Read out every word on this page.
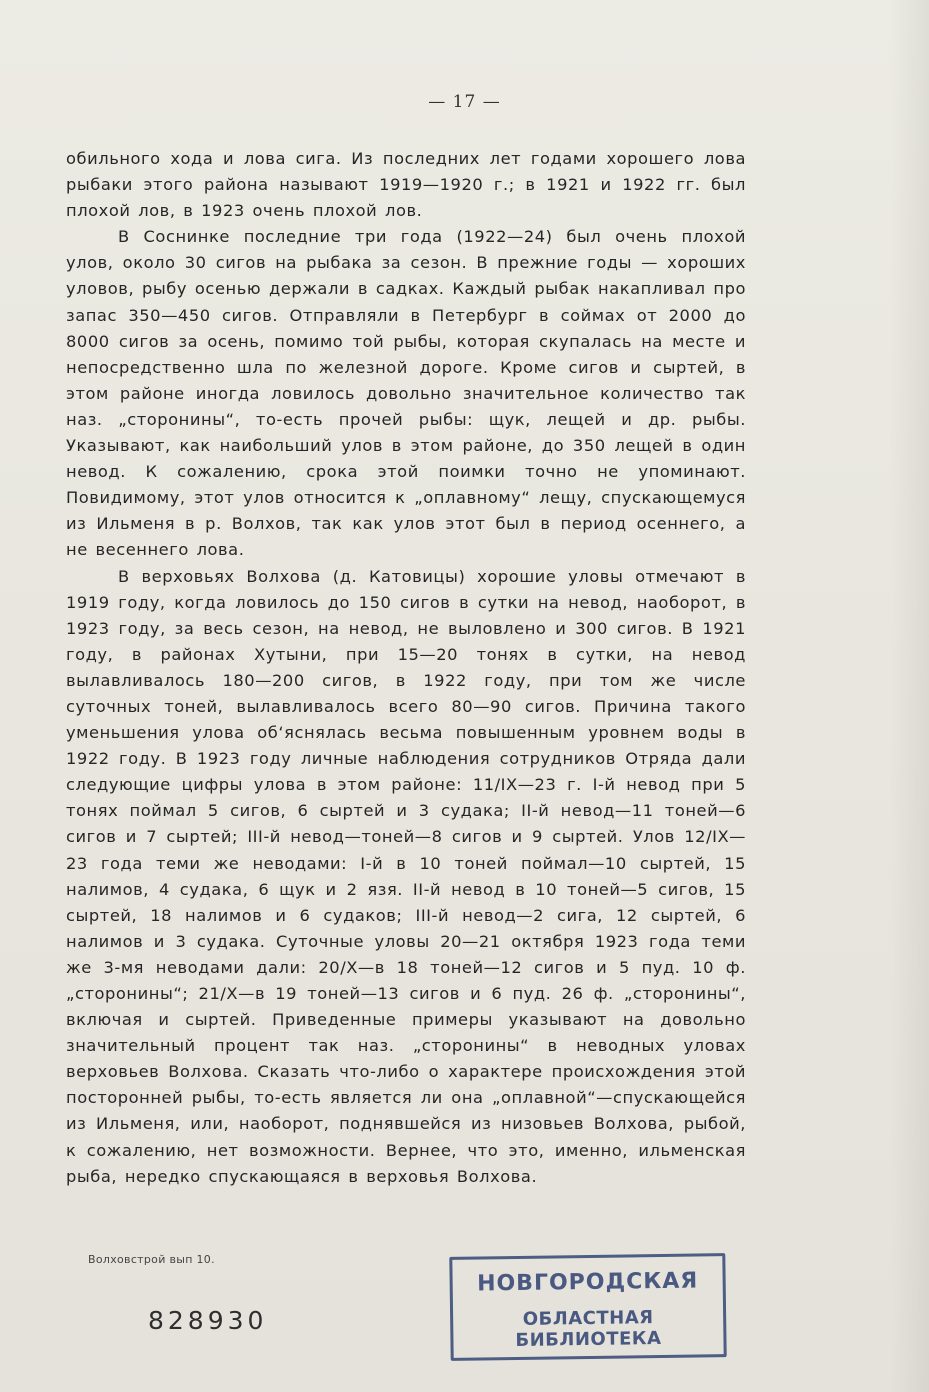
— 17 —

обильного хода и лова сига. Из последних лет годами хорошего лова рыбаки этого района называют 1919—1920 г.; в 1921 и 1922 гг. был плохой лов, в 1923 очень плохой лов.

В Соснинке последние три года (1922—24) был очень плохой улов, около 30 сигов на рыбака за сезон. В прежние годы — хороших уловов, рыбу осенью держали в садках. Каждый рыбак накапливал про запас 350—450 сигов. Отправляли в Петербург в соймах от 2000 до 8000 сигов за осень, помимо той рыбы, которая скупалась на месте и непосредственно шла по железной дороге. Кроме сигов и сыртей, в этом районе иногда ловилось довольно значительное количество так наз. „сторонины“, то-есть прочей рыбы: щук, лещей и др. рыбы. Указывают, как наибольший улов в этом районе, до 350 лещей в один невод. К сожалению, срока этой поимки точно не упоминают. Повидимому, этот улов относится к „оплавному“ лещу, спускающемуся из Ильменя в р. Волхов, так как улов этот был в период осеннего, а не весеннего лова.

В верховьях Волхова (д. Катовицы) хорошие уловы отмечают в 1919 году, когда ловилось до 150 сигов в сутки на невод, наоборот, в 1923 году, за весь сезон, на невод, не выловлено и 300 сигов. В 1921 году, в районах Хутыни, при 15—20 тонях в сутки, на невод вылавливалось 180—200 сигов, в 1922 году, при том же числе суточных тоней, вылавливалось всего 80—90 сигов. Причина такого уменьшения улова об‘яснялась весьма повышенным уровнем воды в 1922 году. В 1923 году личные наблюдения сотрудников Отряда дали следующие цифры улова в этом районе: 11/IX—23 г. І-й невод при 5 тонях поймал 5 сигов, 6 сыртей и 3 судака; ІІ-й невод—11 тоней—6 сигов и 7 сыртей; ІІІ-й невод—тоней—8 сигов и 9 сыртей. Улов 12/IX—23 года теми же неводами: І-й в 10 тоней поймал—10 сыртей, 15 налимов, 4 судака, 6 щук и 2 язя. ІІ-й невод в 10 тоней—5 сигов, 15 сыртей, 18 налимов и 6 судаков; ІІІ-й невод—2 сига, 12 сыртей, 6 налимов и 3 судака. Суточные уловы 20—21 октября 1923 года теми же 3-мя неводами дали: 20/X—в 18 тоней—12 сигов и 5 пуд. 10 ф. „сторонины“; 21/X—в 19 тоней—13 сигов и 6 пуд. 26 ф. „сторонины“, включая и сыртей. Приведенные примеры указывают на довольно значительный процент так наз. „сторонины“ в неводных уловах верховьев Волхова. Сказать что-либо о характере происхождения этой посторонней рыбы, то-есть является ли она „оплавной“—спускающейся из Ильменя, или, наоборот, поднявшейся из низовьев Волхова, рыбой, к сожалению, нет возможности. Вернее, что это, именно, ильменская рыба, нередко спускающаяся в верховья Волхова.

Волховстрой вып 10.
828930
НОВГОРОДСКАЯ
ОБЛАСТНАЯ БИБЛИОТЕКА
